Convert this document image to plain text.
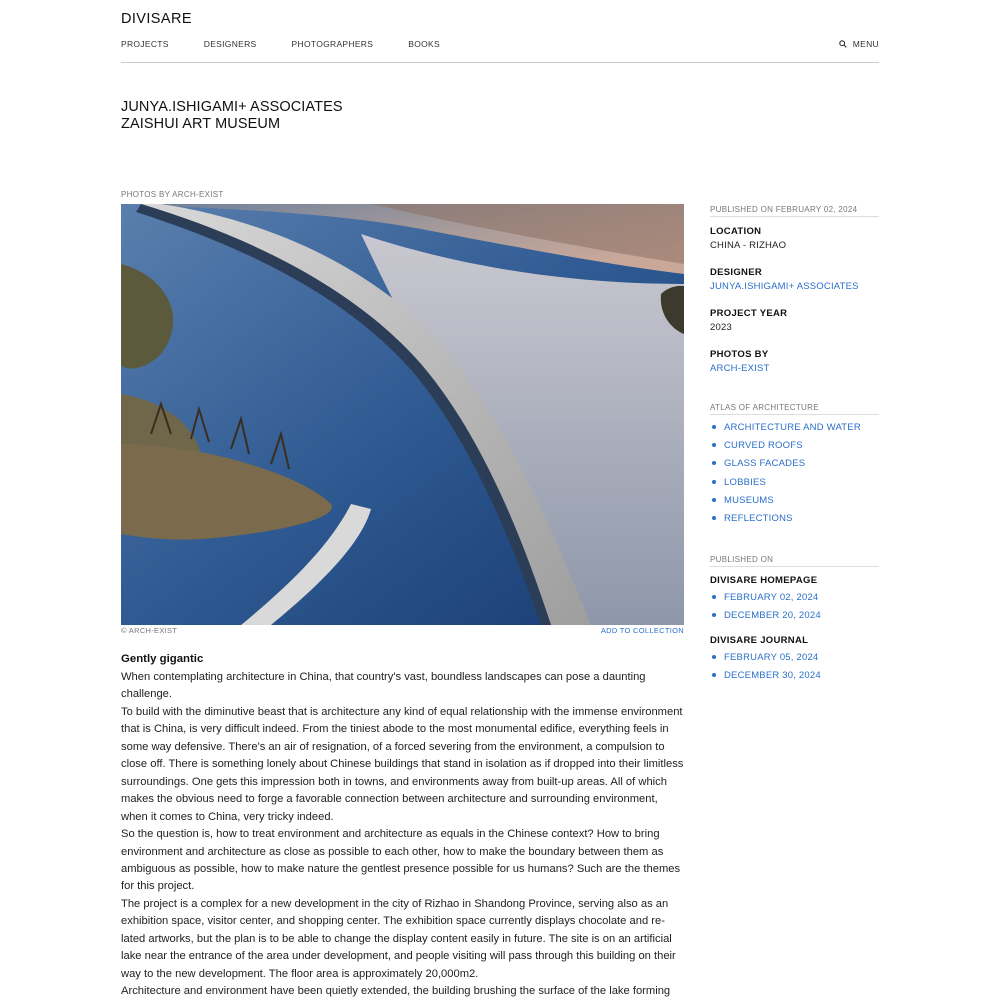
DIVISARE
PROJECTS	DESIGNERS	PHOTOGRAPHERS	BOOKS	MENU
JUNYA.ISHIGAMI+ ASSOCIATES
ZAISHUI ART MUSEUM
PHOTOS BY ARCH-EXIST
© ARCH-EXIST	ADD TO COLLECTION
Gently gigantic

When contemplating architecture in China, that country's vast, boundless landscapes can pose a daunting challenge.

To build with the diminutive beast that is architecture any kind of equal relationship with the immense environment that is China, is very difficult indeed. From the tiniest abode to the most monumental edifice, everything feels in some way defensive. There's an air of resignation, of a forced severing from the environment, a compulsion to close off. There is something lonely about Chinese buildings that stand in isolation as if dropped into their limitless surroundings. One gets this impression both in towns, and environments away from built-up areas. All of which makes the obvious need to forge a favorable connection between architecture and surrounding environment, when it comes to China, very tricky indeed.

So the question is, how to treat environment and architecture as equals in the Chinese context? How to bring environment and architecture as close as possible to each other, how to make the boundary between them as ambiguous as possible, how to make nature the gentlest presence possible for us humans? Such are the themes for this project.

The project is a complex for a new development in the city of Rizhao in Shandong Province, serving also as an exhibition space, visitor center, and shopping center. The exhibition space currently displays chocolate and related artworks, but the plan is to be able to change the display content easily in future. The site is on an artificial lake near the entrance of the area under development, and people visiting will pass through this building on their way to the new development. The floor area is approximately 20,000m2.

Architecture and environment have been quietly extended, the building brushing the surface of the lake forming

PUBLISHED ON FEBRUARY 02, 2024
LOCATION
CHINA - RIZHAO
DESIGNER
JUNYA.ISHIGAMI+ ASSOCIATES
PROJECT YEAR
2023
PHOTOS BY
ARCH-EXIST
ATLAS OF ARCHITECTURE
ARCHITECTURE AND WATER
CURVED ROOFS
GLASS FACADES
LOBBIES
MUSEUMS
REFLECTIONS
PUBLISHED ON
DIVISARE HOMEPAGE
FEBRUARY 02, 2024
DECEMBER 20, 2024
DIVISARE JOURNAL
FEBRUARY 05, 2024
DECEMBER 30, 2024
